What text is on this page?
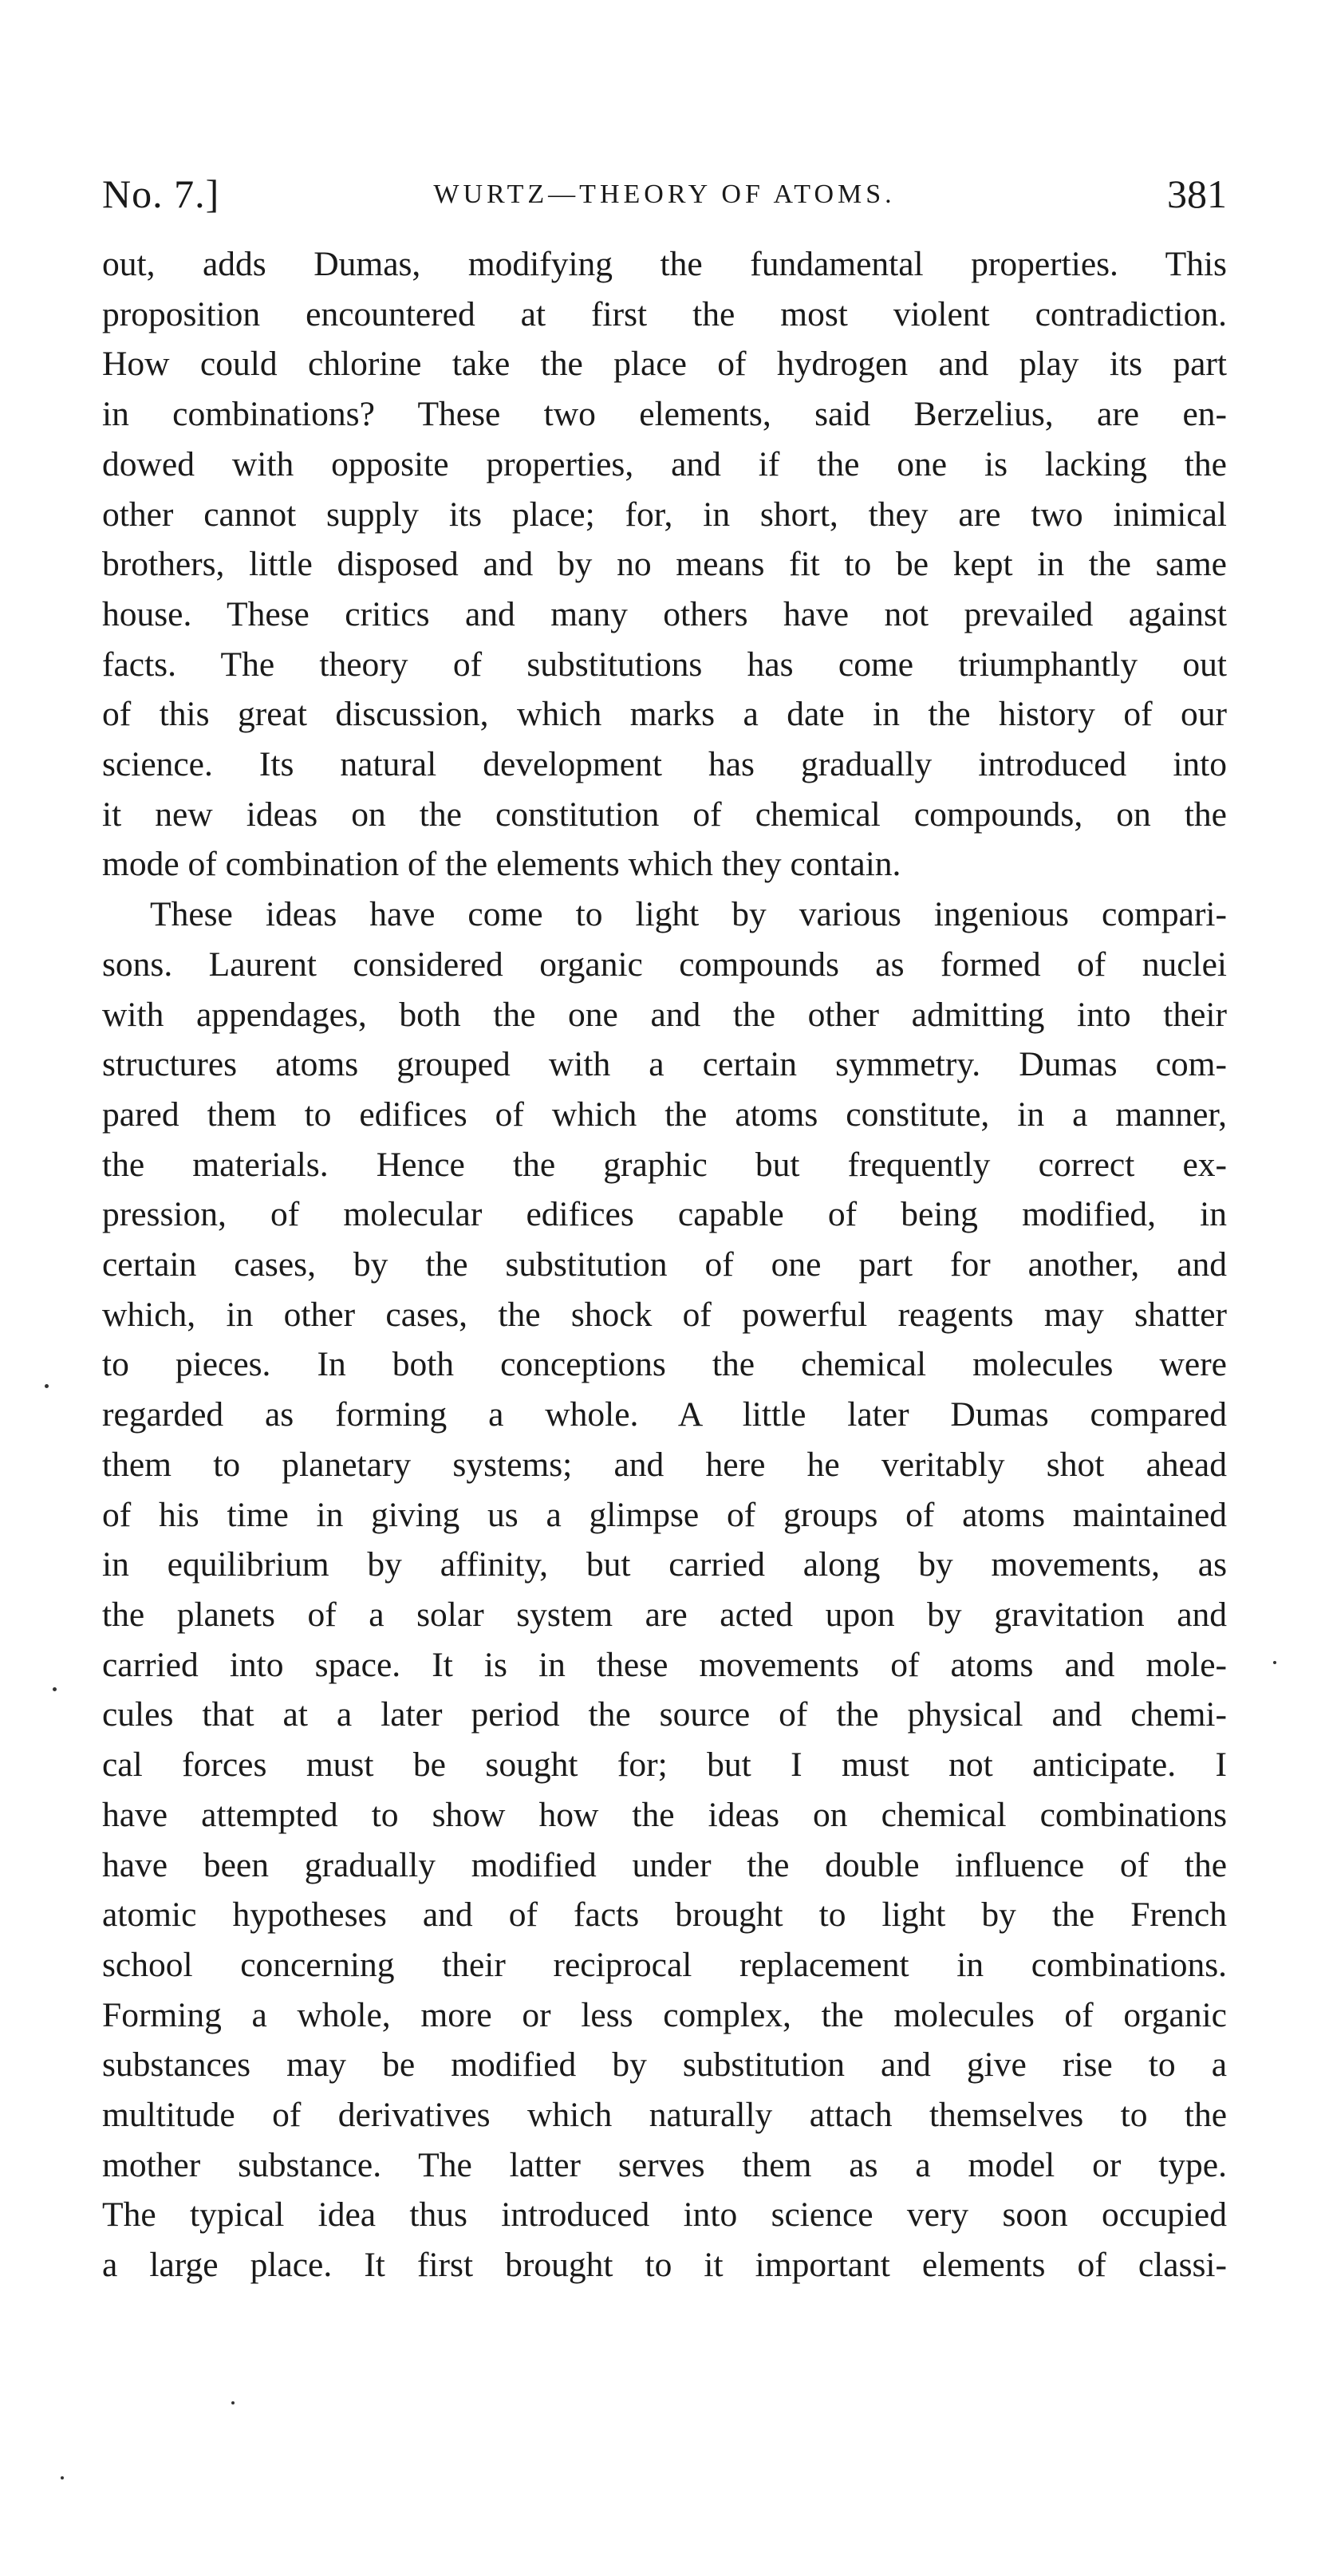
No. 7.]	WURTZ—THEORY OF ATOMS.	381
out, adds Dumas, modifying the fundamental properties. This
proposition encountered at first the most violent contradiction.
How could chlorine take the place of hydrogen and play its part
in combinations? These two elements, said Berzelius, are en-
dowed with opposite properties, and if the one is lacking the
other cannot supply its place; for, in short, they are two inimical
brothers, little disposed and by no means fit to be kept in the same
house. These critics and many others have not prevailed against
facts. The theory of substitutions has come triumphantly out
of this great discussion, which marks a date in the history of our
science. Its natural development has gradually introduced into
it new ideas on the constitution of chemical compounds, on the
mode of combination of the elements which they contain.
These ideas have come to light by various ingenious compari-
sons. Laurent considered organic compounds as formed of nuclei
with appendages, both the one and the other admitting into their
structures atoms grouped with a certain symmetry. Dumas com-
pared them to edifices of which the atoms constitute, in a manner,
the materials. Hence the graphic but frequently correct ex-
pression, of molecular edifices capable of being modified, in
certain cases, by the substitution of one part for another, and
which, in other cases, the shock of powerful reagents may shatter
to pieces. In both conceptions the chemical molecules were
regarded as forming a whole. A little later Dumas compared
them to planetary systems; and here he veritably shot ahead
of his time in giving us a glimpse of groups of atoms maintained
in equilibrium by affinity, but carried along by movements, as
the planets of a solar system are acted upon by gravitation and
carried into space. It is in these movements of atoms and mole-
cules that at a later period the source of the physical and chemi-
cal forces must be sought for; but I must not anticipate. I
have attempted to show how the ideas on chemical combinations
have been gradually modified under the double influence of the
atomic hypotheses and of facts brought to light by the French
school concerning their reciprocal replacement in combinations.
Forming a whole, more or less complex, the molecules of organic
substances may be modified by substitution and give rise to a
multitude of derivatives which naturally attach themselves to the
mother substance. The latter serves them as a model or type.
The typical idea thus introduced into science very soon occupied
a large place. It first brought to it important elements of classi-
